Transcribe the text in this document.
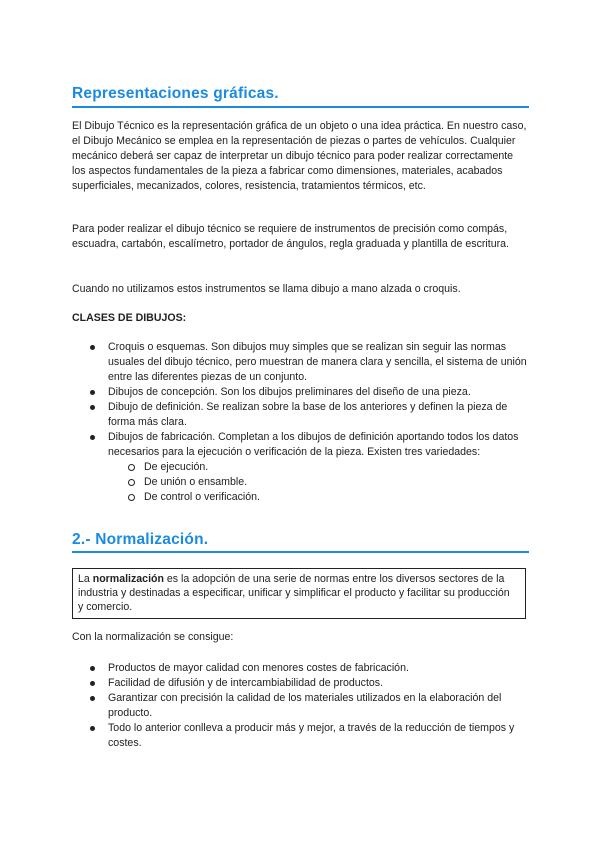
Representaciones gráficas.

El Dibujo Técnico es la representación gráfica de un objeto o una idea práctica. En nuestro caso, el Dibujo Mecánico se emplea en la representación de piezas o partes de vehículos. Cualquier mecánico deberá ser capaz de interpretar un dibujo técnico para poder realizar correctamente los aspectos fundamentales de la pieza a fabricar como dimensiones, materiales, acabados superficiales, mecanizados, colores, resistencia, tratamientos térmicos, etc.

Para poder realizar el dibujo técnico se requiere de instrumentos de precisión como compás, escuadra, cartabón, escalímetro, portador de ángulos, regla graduada y plantilla de escritura.

Cuando no utilizamos estos instrumentos se llama dibujo a mano alzada o croquis.

CLASES DE DIBUJOS:

Croquis o esquemas. Son dibujos muy simples que se realizan sin seguir las normas usuales del dibujo técnico, pero muestran de manera clara y sencilla, el sistema de unión entre las diferentes piezas de un conjunto.
Dibujos de concepción. Son los dibujos preliminares del diseño de una pieza.
Dibujo de definición. Se realizan sobre la base de los anteriores y definen la pieza de forma más clara.
Dibujos de fabricación. Completan a los dibujos de definición aportando todos los datos necesarios para la ejecución o verificación de la pieza. Existen tres variedades:
De ejecución.
De unión o ensamble.
De control o verificación.
2.- Normalización.
La normalización es la adopción de una serie de normas entre los diversos sectores de la industria y destinadas a especificar, unificar y simplificar el producto y facilitar su producción y comercio.

Con la normalización se consigue:

Productos de mayor calidad con menores costes de fabricación.
Facilidad de difusión y de intercambiabilidad de productos.
Garantizar con precisión la calidad de los materiales utilizados en la elaboración del producto.
Todo lo anterior conlleva a producir más y mejor, a través de la reducción de tiempos y costes.
